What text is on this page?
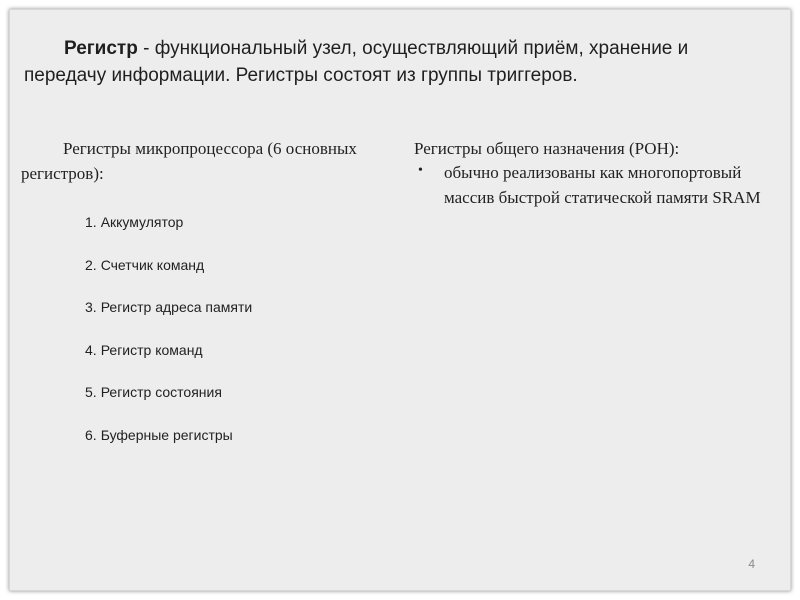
Регистр - функциональный узел, осуществляющий приём, хранение и передачу информации. Регистры состоят из группы триггеров.

Регистры микропроцессора (6 основных регистров):

1. Аккумулятор
2. Счетчик команд
3. Регистр адреса памяти
4. Регистр команд
5. Регистр состояния
6. Буферные регистры

Регистры общего назначения (РОН):

• обычно реализованы как многопортовый массив быстрой статической памяти SRAM
4
